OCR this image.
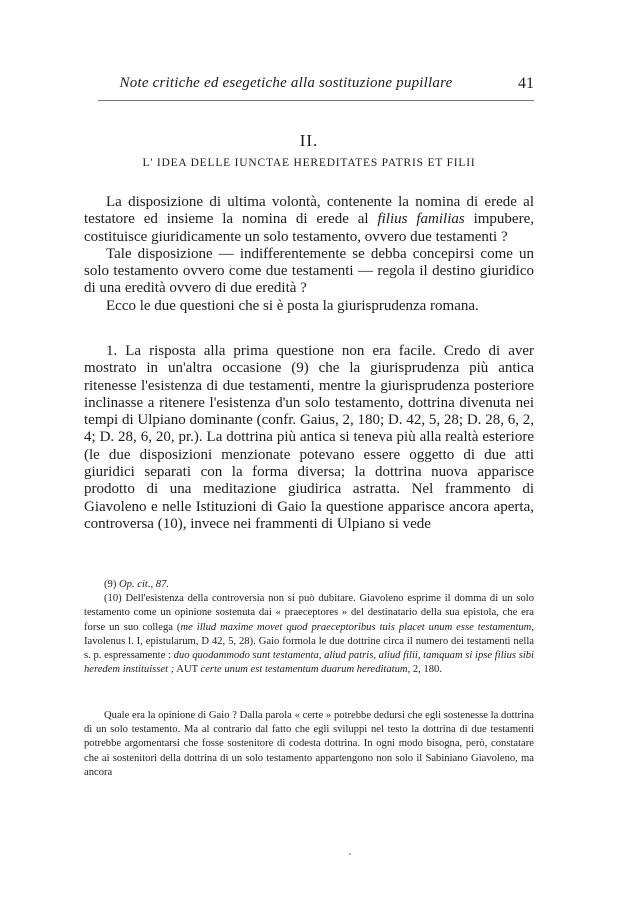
Note critiche ed esegetiche alla sostituzione pupillare	41
II.
L' IDEA DELLE IUNCTAE HEREDITATES PATRIS ET FILII

La disposizione di ultima volontà, contenente la nomina di erede al testatore ed insieme la nomina di erede al filius familias impubere, costituisce giuridicamente un solo testamento, ovvero due testamenti ?

Tale disposizione — indifferentemente se debba concepirsi come un solo testamento ovvero come due testamenti — regola il destino giuridico di una eredità ovvero di due eredità ?

Ecco le due questioni che si è posta la giurisprudenza romana.

1. La risposta alla prima questione non era facile. Credo di aver mostrato in un'altra occasione (9) che la giurisprudenza più antica ritenesse l'esistenza di due testamenti, mentre la giurisprudenza posteriore inclinasse a ritenere l'esistenza d'un solo testamento, dottrina divenuta nei tempi di Ulpiano dominante (confr. Gaius, 2, 180; D. 42, 5, 28; D. 28, 6, 2, 4; D. 28, 6, 20, pr.). La dottrina più antica si teneva più alla realtà esteriore (le due disposizioni menzionate potevano essere oggetto di due atti giuridici separati con la forma diversa; la dottrina nuova apparisce prodotto di una meditazione giudirica astratta. Nel frammento di Giavoleno e nelle Istituzioni di Gaio la questione apparisce ancora aperta, controversa (10), invece nei frammenti di Ulpiano si vede

(9) Op. cit., 87.

(10) Dell'esistenza della controversia non si può dubitare. Giavoleno esprime il domma di un solo testamento come un opinione sostenuta dai « praeceptores » del destinatario della sua epistola, che era forse un suo collega (me illud maxime movet quod praeceptoribus tuis placet unum esse testamentum, Iavolenus l. I, epistularum, D 42, 5, 28). Gaio formola le due dottrine circa il numero dei testamenti nella s. p. espressamente : duo quodammodo sunt testamenta, aliud patris, aliud filii, tamquam si ipse filius sibi heredem instituisset ; AUT certe unum est testamentum duarum hereditatum, 2, 180.

Quale era la opinione di Gaio ? Dalla parola « certe » potrebbe dedursi che egli sostenesse la dottrina di un solo testamento. Ma al contrario dal fatto che egli sviluppi nel testo la dottrina di due testamenti potrebbe argomentarsi che fosse sostenitore di codesta dottrina. In ogni modo bisogna, però, constatare che ai sostenitori della dottrina di un solo testamento appartengono non solo il Sabiniano Giavoleno, ma ancora
